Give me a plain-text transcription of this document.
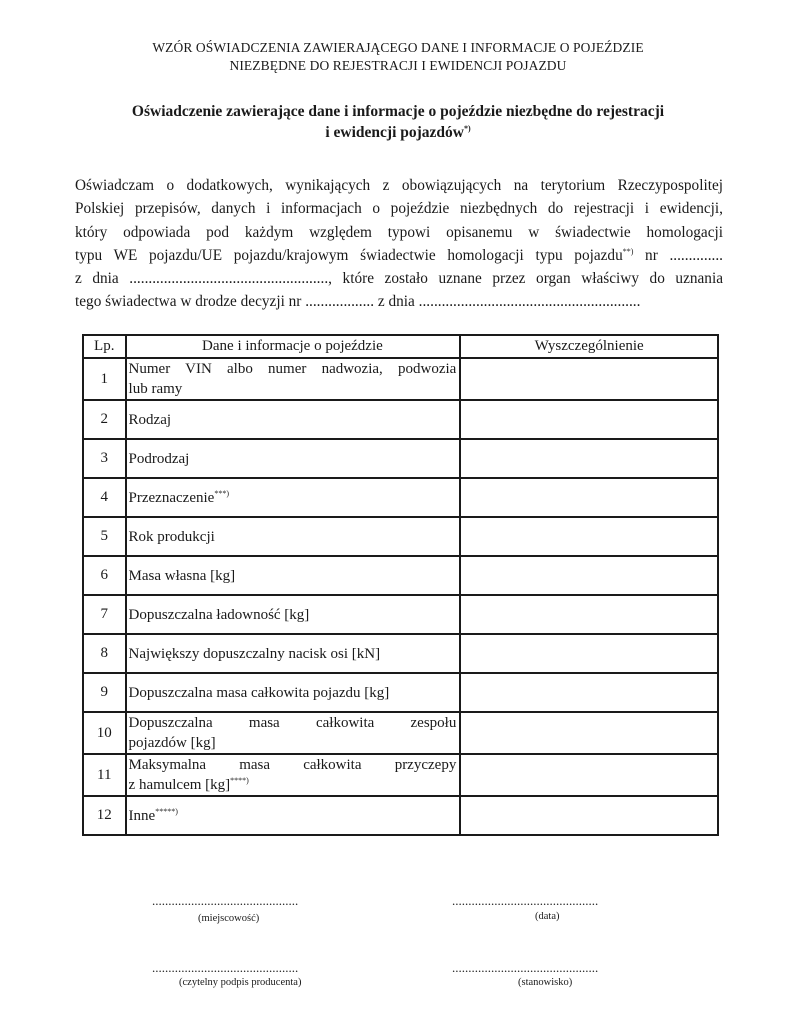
WZÓR OŚWIADCZENIA ZAWIERAJĄCEGO DANE I INFORMACJE O POJEŹDZIE
NIEZBĘDNE DO REJESTRACJI I EWIDENCJI POJAZDU
Oświadczenie zawierające dane i informacje o pojeździe niezbędne do rejestracji
i ewidencji pojazdów*)
Oświadczam o dodatkowych, wynikających z obowiązujących na terytorium Rzeczypospolitej
Polskiej przepisów, danych i informacjach o pojeździe niezbędnych do rejestracji i ewidencji,
który odpowiada pod każdym względem typowi opisanemu w świadectwie homologacji
typu WE pojazdu/UE pojazdu/krajowym świadectwie homologacji typu pojazdu**) nr ..............
z dnia ...................................................., które zostało uznane przez organ właściwy do uznania
tego świadectwa w drodze decyzji nr .................. z dnia ..........................................................
Lp.	Dane i informacje o pojeździe	Wyszczególnienie
1	Numer VIN albo numer nadwozia, podwozia
lub ramy	

2	Rodzaj	

3	Podrodzaj	

4	Przeznaczenie***)

5	Rok produkcji	

6	Masa własna [kg]	

7	Dopuszczalna ładowność [kg]	

8	Największy dopuszczalny nacisk osi [kN]	

9	Dopuszczalna masa całkowita pojazdu [kg]	

10	Dopuszczalna masa całkowita zespołu
pojazdów [kg]	

11	Maksymalna masa całkowita przyczepy
z hamulcem [kg]****)

12	Inne*****)

.............................................
(miejscowość)
.............................................
(data)
.............................................
(czytelny podpis producenta)
.............................................
(stanowisko)
